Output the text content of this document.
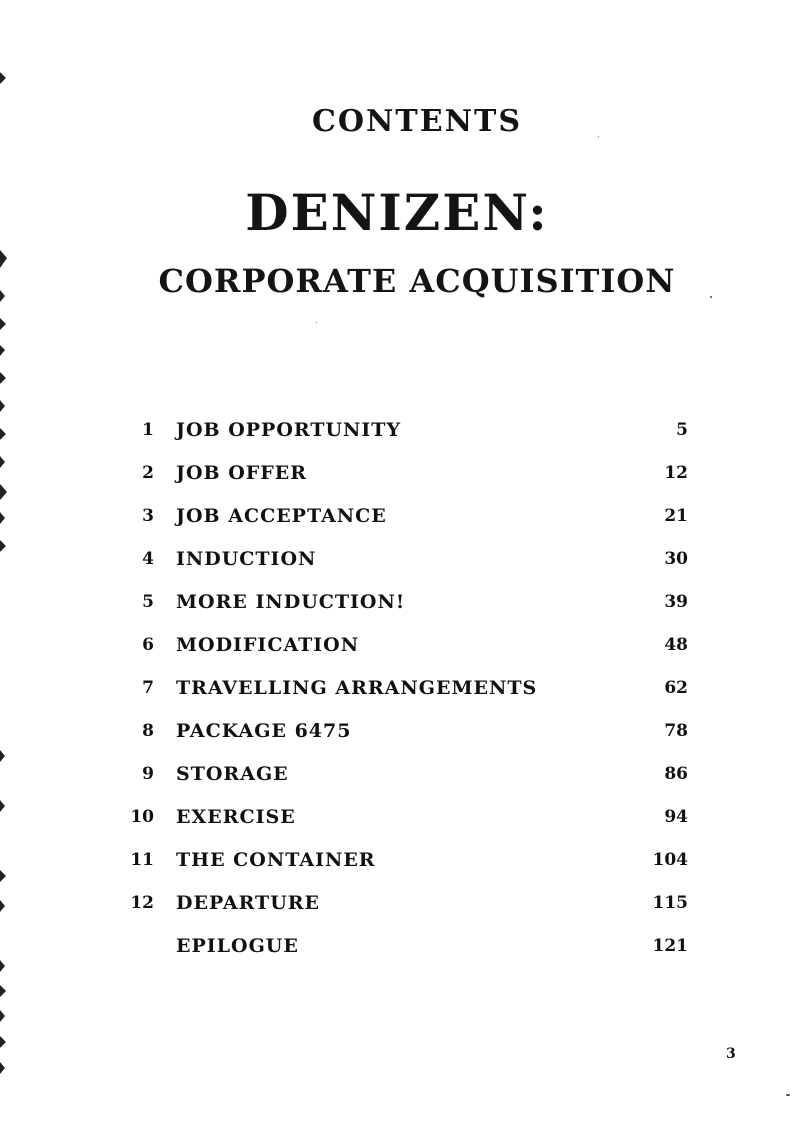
CONTENTS
DENIZEN:
CORPORATE ACQUISITION
1 JOB OPPORTUNITY	5
2 JOB OFFER	12
3 JOB ACCEPTANCE	21
4 INDUCTION	30
5 MORE INDUCTION!	39
6 MODIFICATION	48
7 TRAVELLING ARRANGEMENTS	62
8 PACKAGE 6475	78
9 STORAGE	86
10 EXERCISE	94
11 THE CONTAINER	104
12 DEPARTURE	115
EPILOGUE	121
3
